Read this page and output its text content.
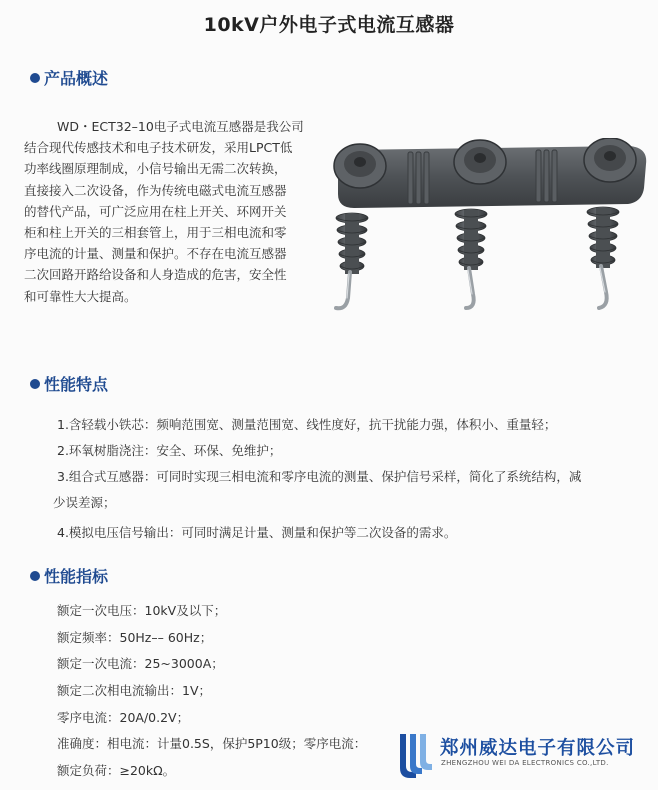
10kV户外电子式电流互感器
产品概述
WD・ECT32–10电子式电流互感器是我公司
结合现代传感技术和电子技术研发，采用LPCT低
功率线圈原理制成，小信号输出无需二次转换，
直接接入二次设备，作为传统电磁式电流互感器
的替代产品，可广泛应用在柱上开关、环网开关
柜和柱上开关的三相套管上，用于三相电流和零
序电流的计量、测量和保护。不存在电流互感器
二次回路开路给设备和人身造成的危害，安全性
和可靠性大大提高。
性能特点
1.含轻载小铁芯：频响范围宽、测量范围宽、线性度好，抗干扰能力强，体积小、重量轻；
2.环氧树脂浇注：安全、环保、免维护；
3.组合式互感器：可同时实现三相电流和零序电流的测量、保护信号采样，简化了系统结构，减
少误差源；
4.模拟电压信号输出：可同时满足计量、测量和保护等二次设备的需求。
性能指标
额定一次电压：10kV及以下；
额定频率：50Hz–– 60Hz；
额定一次电流：25~3000A；
额定二次相电流输出：1V；
零序电流：20A/0.2V；
准确度：相电流：计量0.5S，保护5P10级；零序电流：
额定负荷：≥20kΩ。
郑州威达电子有限公司
ZHENGZHOU WEI DA ELECTRONICS CO.,LTD.
